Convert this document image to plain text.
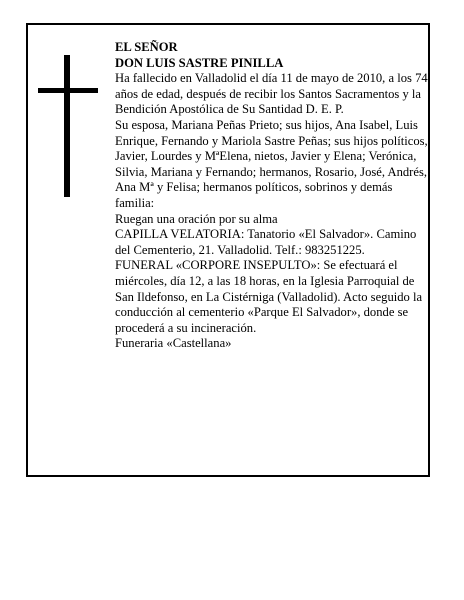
EL SEÑOR

DON LUIS SASTRE PINILLA

Ha fallecido en Valladolid el día 11 de mayo de 2010, a los 74 años de edad, después de recibir los Santos Sacramentos y la Bendición Apostólica de Su Santidad D. E. P.

Su esposa, Mariana Peñas Prieto; sus hijos, Ana Isabel, Luis Enrique, Fernando y Mariola Sastre Peñas; sus hijos políticos, Javier, Lourdes y MªElena, nietos, Javier y Elena; Verónica, Silvia, Mariana y Fernando; hermanos, Rosario, José, Andrés, Ana Mª y Felisa; hermanos políticos, sobrinos y demás familia:

Ruegan una oración por su alma

CAPILLA VELATORIA: Tanatorio «El Salvador». Camino del Cementerio, 21. Valladolid. Telf.: 983251225.

FUNERAL «CORPORE INSEPULTO»: Se efectuará el miércoles, día 12, a las 18 horas, en la Iglesia Parroquial de San Ildefonso, en La Cistérniga (Valladolid). Acto seguido la conducción al cementerio «Parque El Salvador», donde se procederá a su incineración.

Funeraria «Castellana»
